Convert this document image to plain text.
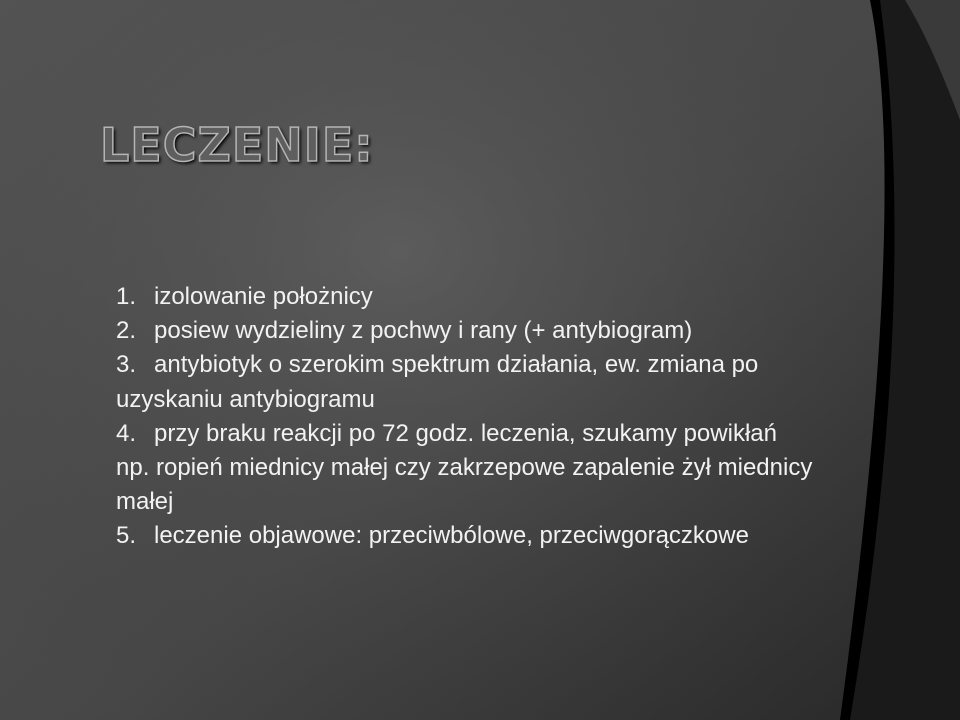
LECZENIE:
1. izolowanie położnicy
2. posiew wydzieliny z pochwy i rany (+ antybiogram)
3. antybiotyk o szerokim spektrum działania, ew. zmiana po uzyskaniu antybiogramu
4. przy braku reakcji po 72 godz. leczenia, szukamy powikłań np. ropień miednicy małej czy zakrzepowe zapalenie żył miednicy małej
5. leczenie objawowe: przeciwbólowe, przeciwgorączkowe
